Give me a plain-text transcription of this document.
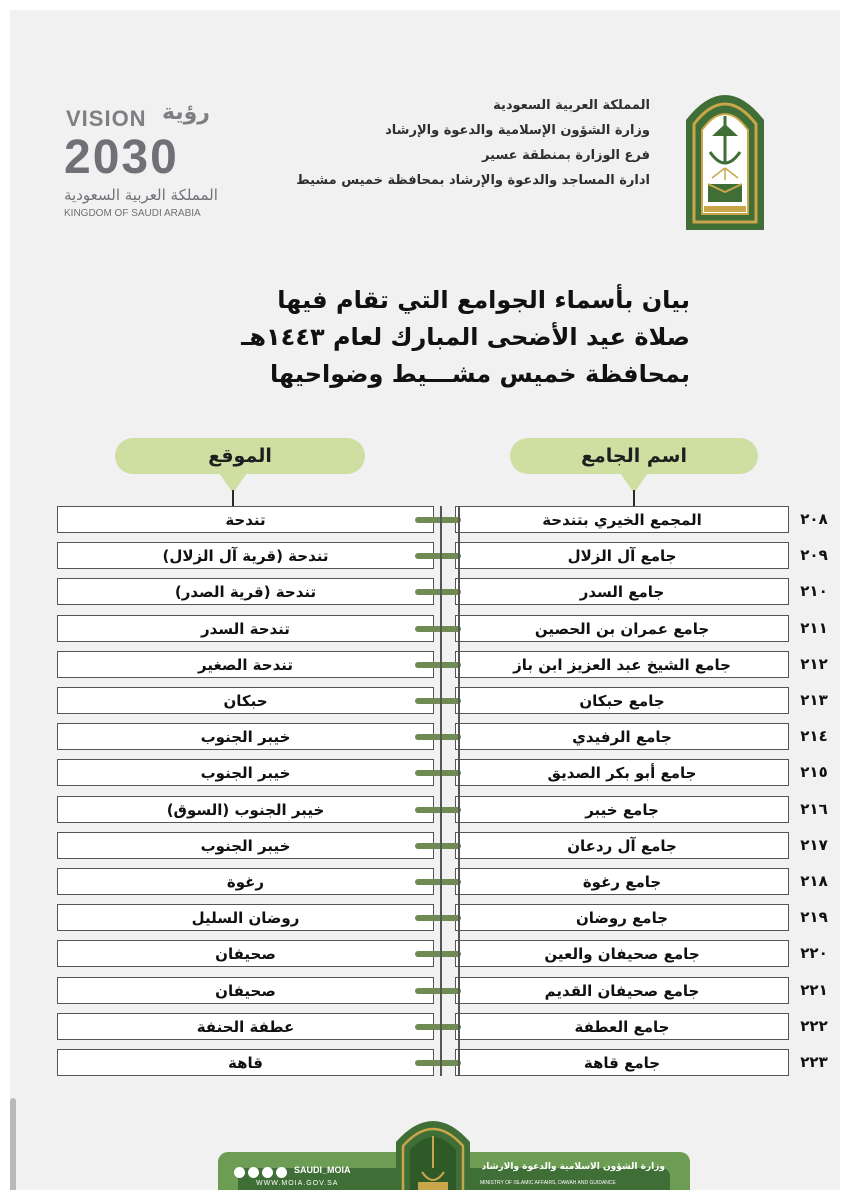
المملكة العربية السعودية
وزارة الشؤون الإسلامية والدعوة والإرشاد
فرع الوزارة بمنطقة عسير
ادارة المساجد والدعوة والإرشاد بمحافظة خميس مشيط
VISION رؤية
2030
المملكة العربية السعودية
KINGDOM OF SAUDI ARABIA
بيان بأسماء الجوامع التي تقام فيها
صلاة عيد الأضحى المبارك لعام ١٤٤٣هـ
بمحافظة خميس مشـــيط وضواحيها
الموقع	اسم الجامع
تندحة	المجمع الخيري بتندحة	٢٠٨
تندحة (قرية آل الزلال)	جامع آل الزلال	٢٠٩
تندحة (قرية الصدر)	جامع السدر	٢١٠
تندحة السدر	جامع عمران بن الحصين	٢١١
تندحة الصغير	جامع الشيخ عبد العزيز ابن باز	٢١٢
حبكان	جامع حبكان	٢١٣
خيبر الجنوب	جامع الرفيدي	٢١٤
خيبر الجنوب	جامع أبو بكر الصديق	٢١٥
خيبر الجنوب (السوق)	جامع خيبر	٢١٦
خيبر الجنوب	جامع آل ردعان	٢١٧
رغوة	جامع رغوة	٢١٨
روضان السليل	جامع روضان	٢١٩
صحيفان	جامع صحيفان والعين	٢٢٠
صحيفان	جامع صحيفان القديم	٢٢١
عطفة الحنفة	جامع العطفة	٢٢٢
قاهة	جامع قاهة	٢٢٣
SAUDI_MOIA
WWW.MOIA.GOV.SA
وزارة الشؤون الاسلامية والدعوة والارشاد
MINISTRY OF ISLAMIC AFFAIRS, DAWAH AND GUIDANCE
